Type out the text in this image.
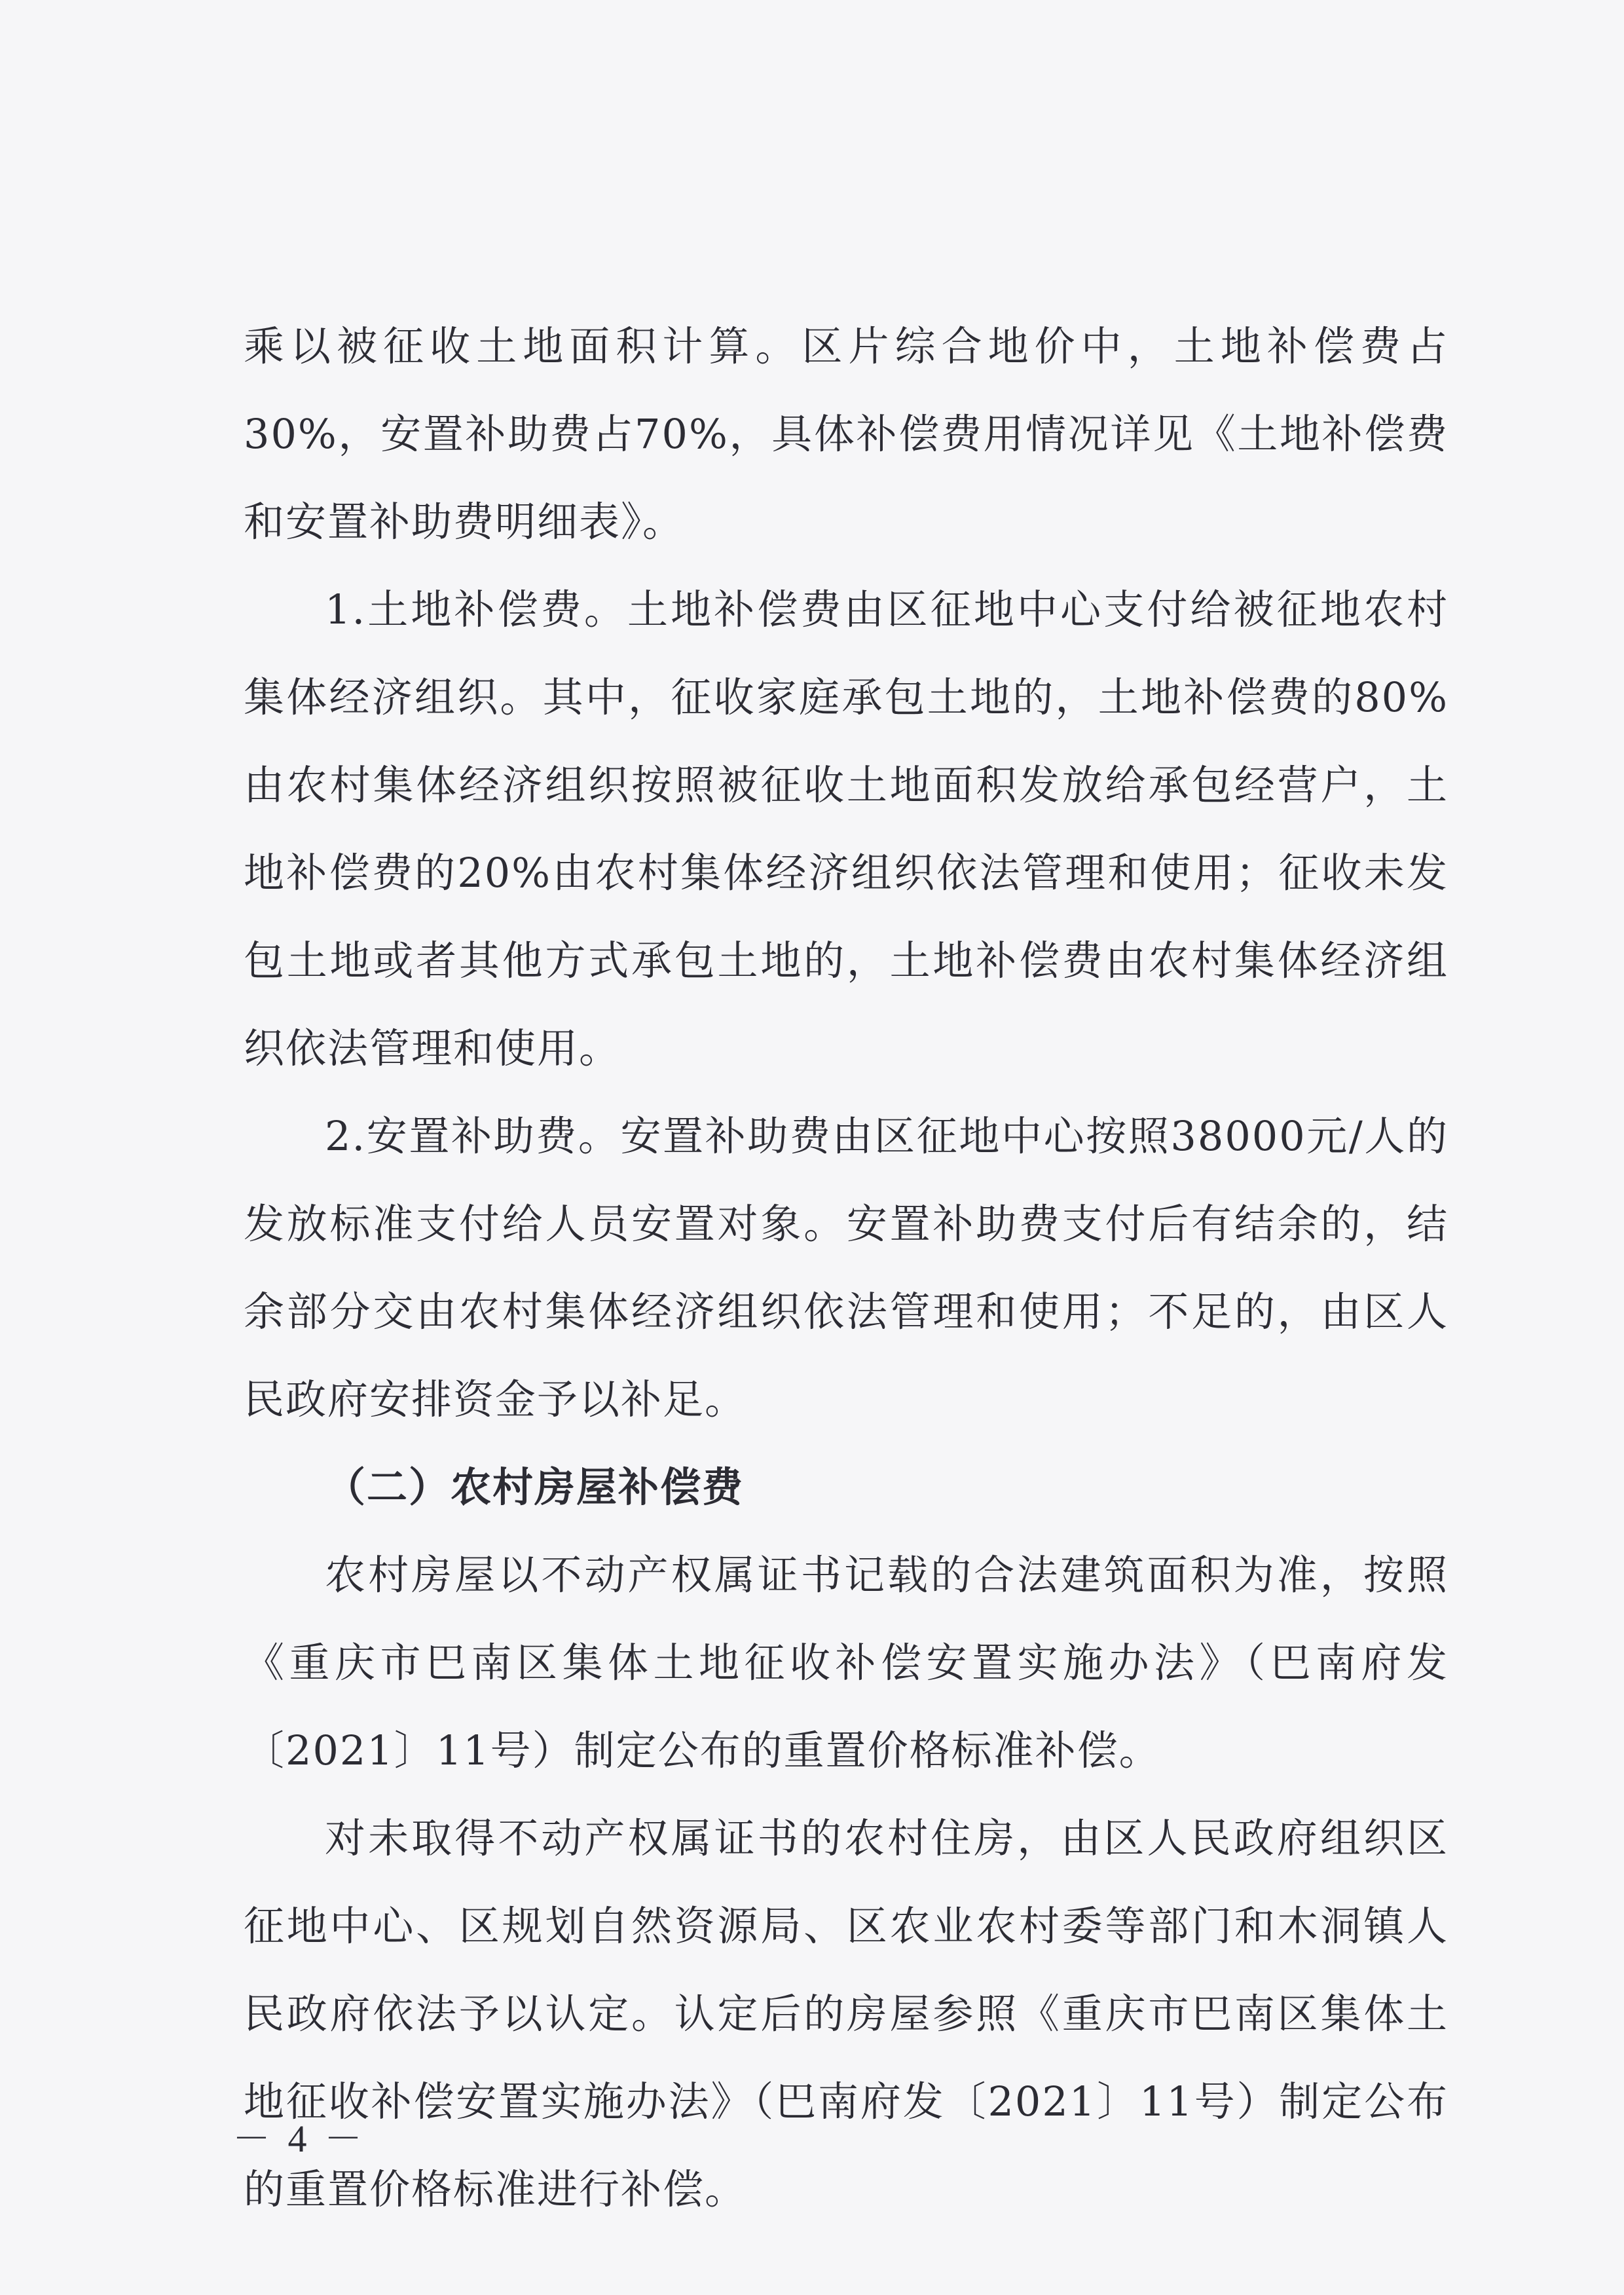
乘以被征收土地面积计算。区片综合地价中，土地补偿费占30%，安置补助费占70%，具体补偿费用情况详见《土地补偿费和安置补助费明细表》。

1.土地补偿费。土地补偿费由区征地中心支付给被征地农村集体经济组织。其中，征收家庭承包土地的，土地补偿费的80%由农村集体经济组织按照被征收土地面积发放给承包经营户，土地补偿费的20%由农村集体经济组织依法管理和使用；征收未发包土地或者其他方式承包土地的，土地补偿费由农村集体经济组织依法管理和使用。

2.安置补助费。安置补助费由区征地中心按照38000元/人的发放标准支付给人员安置对象。安置补助费支付后有结余的，结余部分交由农村集体经济组织依法管理和使用；不足的，由区人民政府安排资金予以补足。

（二）农村房屋补偿费

农村房屋以不动产权属证书记载的合法建筑面积为准，按照《重庆市巴南区集体土地征收补偿安置实施办法》（巴南府发〔2021〕11号）制定公布的重置价格标准补偿。

对未取得不动产权属证书的农村住房，由区人民政府组织区征地中心、区规划自然资源局、区农业农村委等部门和木洞镇人民政府依法予以认定。认定后的房屋参照《重庆市巴南区集体土地征收补偿安置实施办法》（巴南府发〔2021〕11号）制定公布的重置价格标准进行补偿。

－ 4 －
